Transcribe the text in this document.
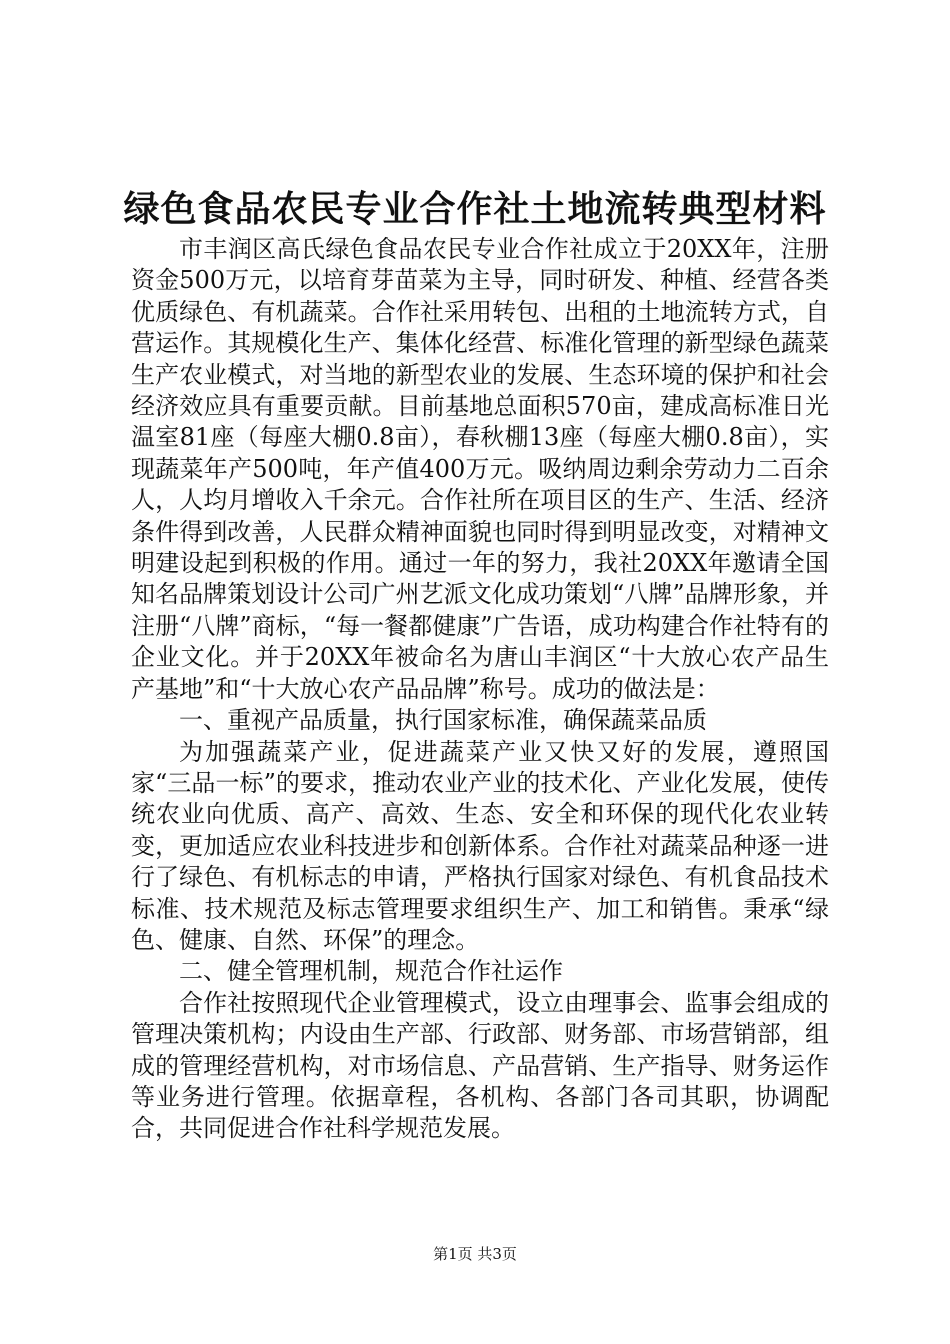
绿色食品农民专业合作社土地流转典型材料

市丰润区高氏绿色食品农民专业合作社成立于20XX年，注册资金500万元，以培育芽苗菜为主导，同时研发、种植、经营各类优质绿色、有机蔬菜。合作社采用转包、出租的土地流转方式，自营运作。其规模化生产、集体化经营、标准化管理的新型绿色蔬菜生产农业模式，对当地的新型农业的发展、生态环境的保护和社会经济效应具有重要贡献。目前基地总面积570亩，建成高标准日光温室81座（每座大棚0.8亩），春秋棚13座（每座大棚0.8亩），实现蔬菜年产500吨，年产值400万元。吸纳周边剩余劳动力二百余人，人均月增收入千余元。合作社所在项目区的生产、生活、经济条件得到改善，人民群众精神面貌也同时得到明显改变，对精神文明建设起到积极的作用。通过一年的努力，我社20XX年邀请全国知名品牌策划设计公司广州艺派文化成功策划“八牌”品牌形象，并注册“八牌”商标，“每一餐都健康”广告语，成功构建合作社特有的企业文化。并于20XX年被命名为唐山丰润区“十大放心农产品生产基地”和“十大放心农产品品牌”称号。成功的做法是：

一、重视产品质量，执行国家标准，确保蔬菜品质

为加强蔬菜产业，促进蔬菜产业又快又好的发展，遵照国家“三品一标”的要求，推动农业产业的技术化、产业化发展，使传统农业向优质、高产、高效、生态、安全和环保的现代化农业转变，更加适应农业科技进步和创新体系。合作社对蔬菜品种逐一进行了绿色、有机标志的申请，严格执行国家对绿色、有机食品技术标准、技术规范及标志管理要求组织生产、加工和销售。秉承“绿色、健康、自然、环保”的理念。

二、健全管理机制，规范合作社运作

合作社按照现代企业管理模式，设立由理事会、监事会组成的管理决策机构；内设由生产部、行政部、财务部、市场营销部，组成的管理经营机构，对市场信息、产品营销、生产指导、财务运作等业务进行管理。依据章程，各机构、各部门各司其职，协调配合，共同促进合作社科学规范发展。

第1页 共3页
